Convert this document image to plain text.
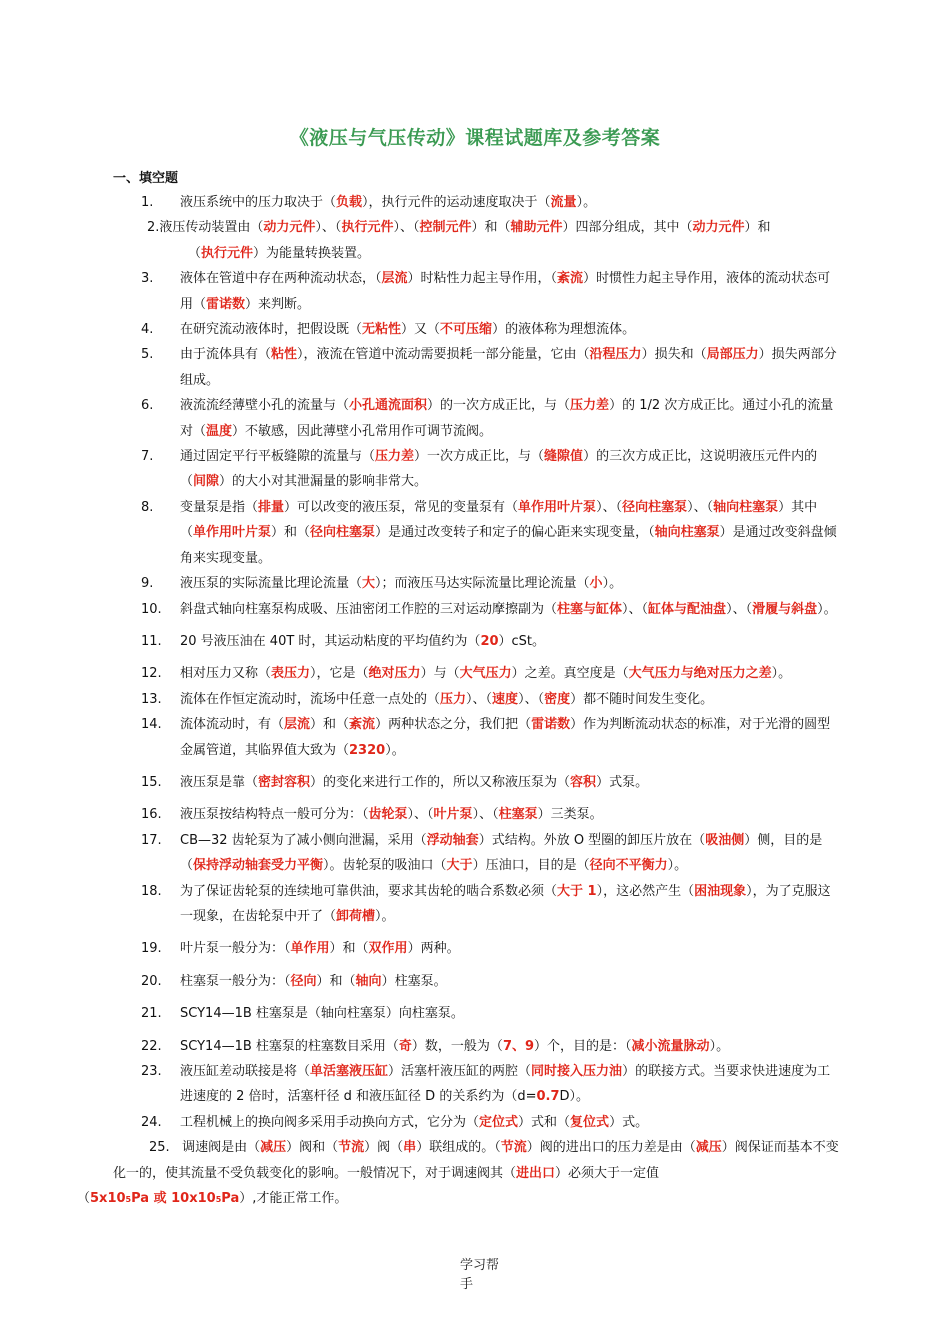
《液压与气压传动》课程试题库及参考答案
一、填空题
1. 液压系统中的压力取决于（负载），执行元件的运动速度取决于（流量）。
2.液压传动装置由（动力元件）、（执行元件）、（控制元件）和（辅助元件）四部分组成，其中（动力元件）和
（执行元件）为能量转换装置。
3. 液体在管道中存在两种流动状态，（层流）时粘性力起主导作用，（紊流）时惯性力起主导作用，液体的流动状态可用（雷诺数）来判断。
4. 在研究流动液体时，把假设既（无粘性）又（不可压缩）的液体称为理想流体。
5. 由于流体具有（粘性），液流在管道中流动需要损耗一部分能量，它由（沿程压力）损失和（局部压力）损失两部分组成。
6. 液流流经薄壁小孔的流量与（小孔通流面积）的一次方成正比，与（压力差）的 1/2 次方成正比。通过小孔的流量对（温度）不敏感，因此薄壁小孔常用作可调节流阀。
7. 通过固定平行平板缝隙的流量与（压力差）一次方成正比，与（缝隙值）的三次方成正比，这说明液压元件内的（间隙）的大小对其泄漏量的影响非常大。
8. 变量泵是指（排量）可以改变的液压泵，常见的变量泵有（单作用叶片泵）、（径向柱塞泵）、（轴向柱塞泵）其中（单作用叶片泵）和（径向柱塞泵）是通过改变转子和定子的偏心距来实现变量，（轴向柱塞泵）是通过改变斜盘倾角来实现变量。
9. 液压泵的实际流量比理论流量（大）；而液压马达实际流量比理论流量（小）。
10. 斜盘式轴向柱塞泵构成吸、压油密闭工作腔的三对运动摩擦副为（柱塞与缸体）、（缸体与配油盘）、（滑履与斜盘）。
11. 20 号液压油在 40T 时，其运动粘度的平均值约为（20）cSt。
12. 相对压力又称（表压力），它是（绝对压力）与（大气压力）之差。真空度是（大气压力与绝对压力之差）。
13. 流体在作恒定流动时，流场中任意一点处的（压力）、（速度）、（密度）都不随时间发生变化。
14. 流体流动时，有（层流）和（紊流）两种状态之分，我们把（雷诺数）作为判断流动状态的标准，对于光滑的圆型金属管道，其临界值大致为（2320）。
15. 液压泵是靠（密封容积）的变化来进行工作的，所以又称液压泵为（容积）式泵。
16. 液压泵按结构特点一般可分为：（齿轮泵）、（叶片泵）、（柱塞泵）三类泵。
17. CB—32 齿轮泵为了减小侧向泄漏，采用（浮动轴套）式结构。外放 O 型圈的卸压片放在（吸油侧）侧，目的是（保持浮动轴套受力平衡）。齿轮泵的吸油口（大于）压油口，目的是（径向不平衡力）。
18. 为了保证齿轮泵的连续地可靠供油，要求其齿轮的啮合系数必须（大于 1），这必然产生（困油现象），为了克服这一现象，在齿轮泵中开了（卸荷槽）。
19. 叶片泵一般分为：（单作用）和（双作用）两种。
20. 柱塞泵一般分为：（径向）和（轴向）柱塞泵。
21. SCY14—1B 柱塞泵是（轴向柱塞泵）向柱塞泵。
22. SCY14—1B 柱塞泵的柱塞数目采用（奇）数，一般为（7、9）个，目的是：（减小流量脉动）。
23. 液压缸差动联接是将（单活塞液压缸）活塞杆液压缸的两腔（同时接入压力油）的联接方式。当要求快进速度为工进速度的 2 倍时，活塞杆径 d 和液压缸径 D 的关系约为（d=0.7D）。
24. 工程机械上的换向阀多采用手动换向方式，它分为（定位式）式和（复位式）式。
25. 调速阀是由（减压）阀和（节流）阀（串）联组成的。（节流）阀的进出口的压力差是由（减压）阀保证而基本不变化一的，使其流量不受负载变化的影响。一般情况下，对于调速阀其（进出口）必须大于一定值
（5x105Pa 或 10x105Pa）,才能正常工作。
学习帮
手
